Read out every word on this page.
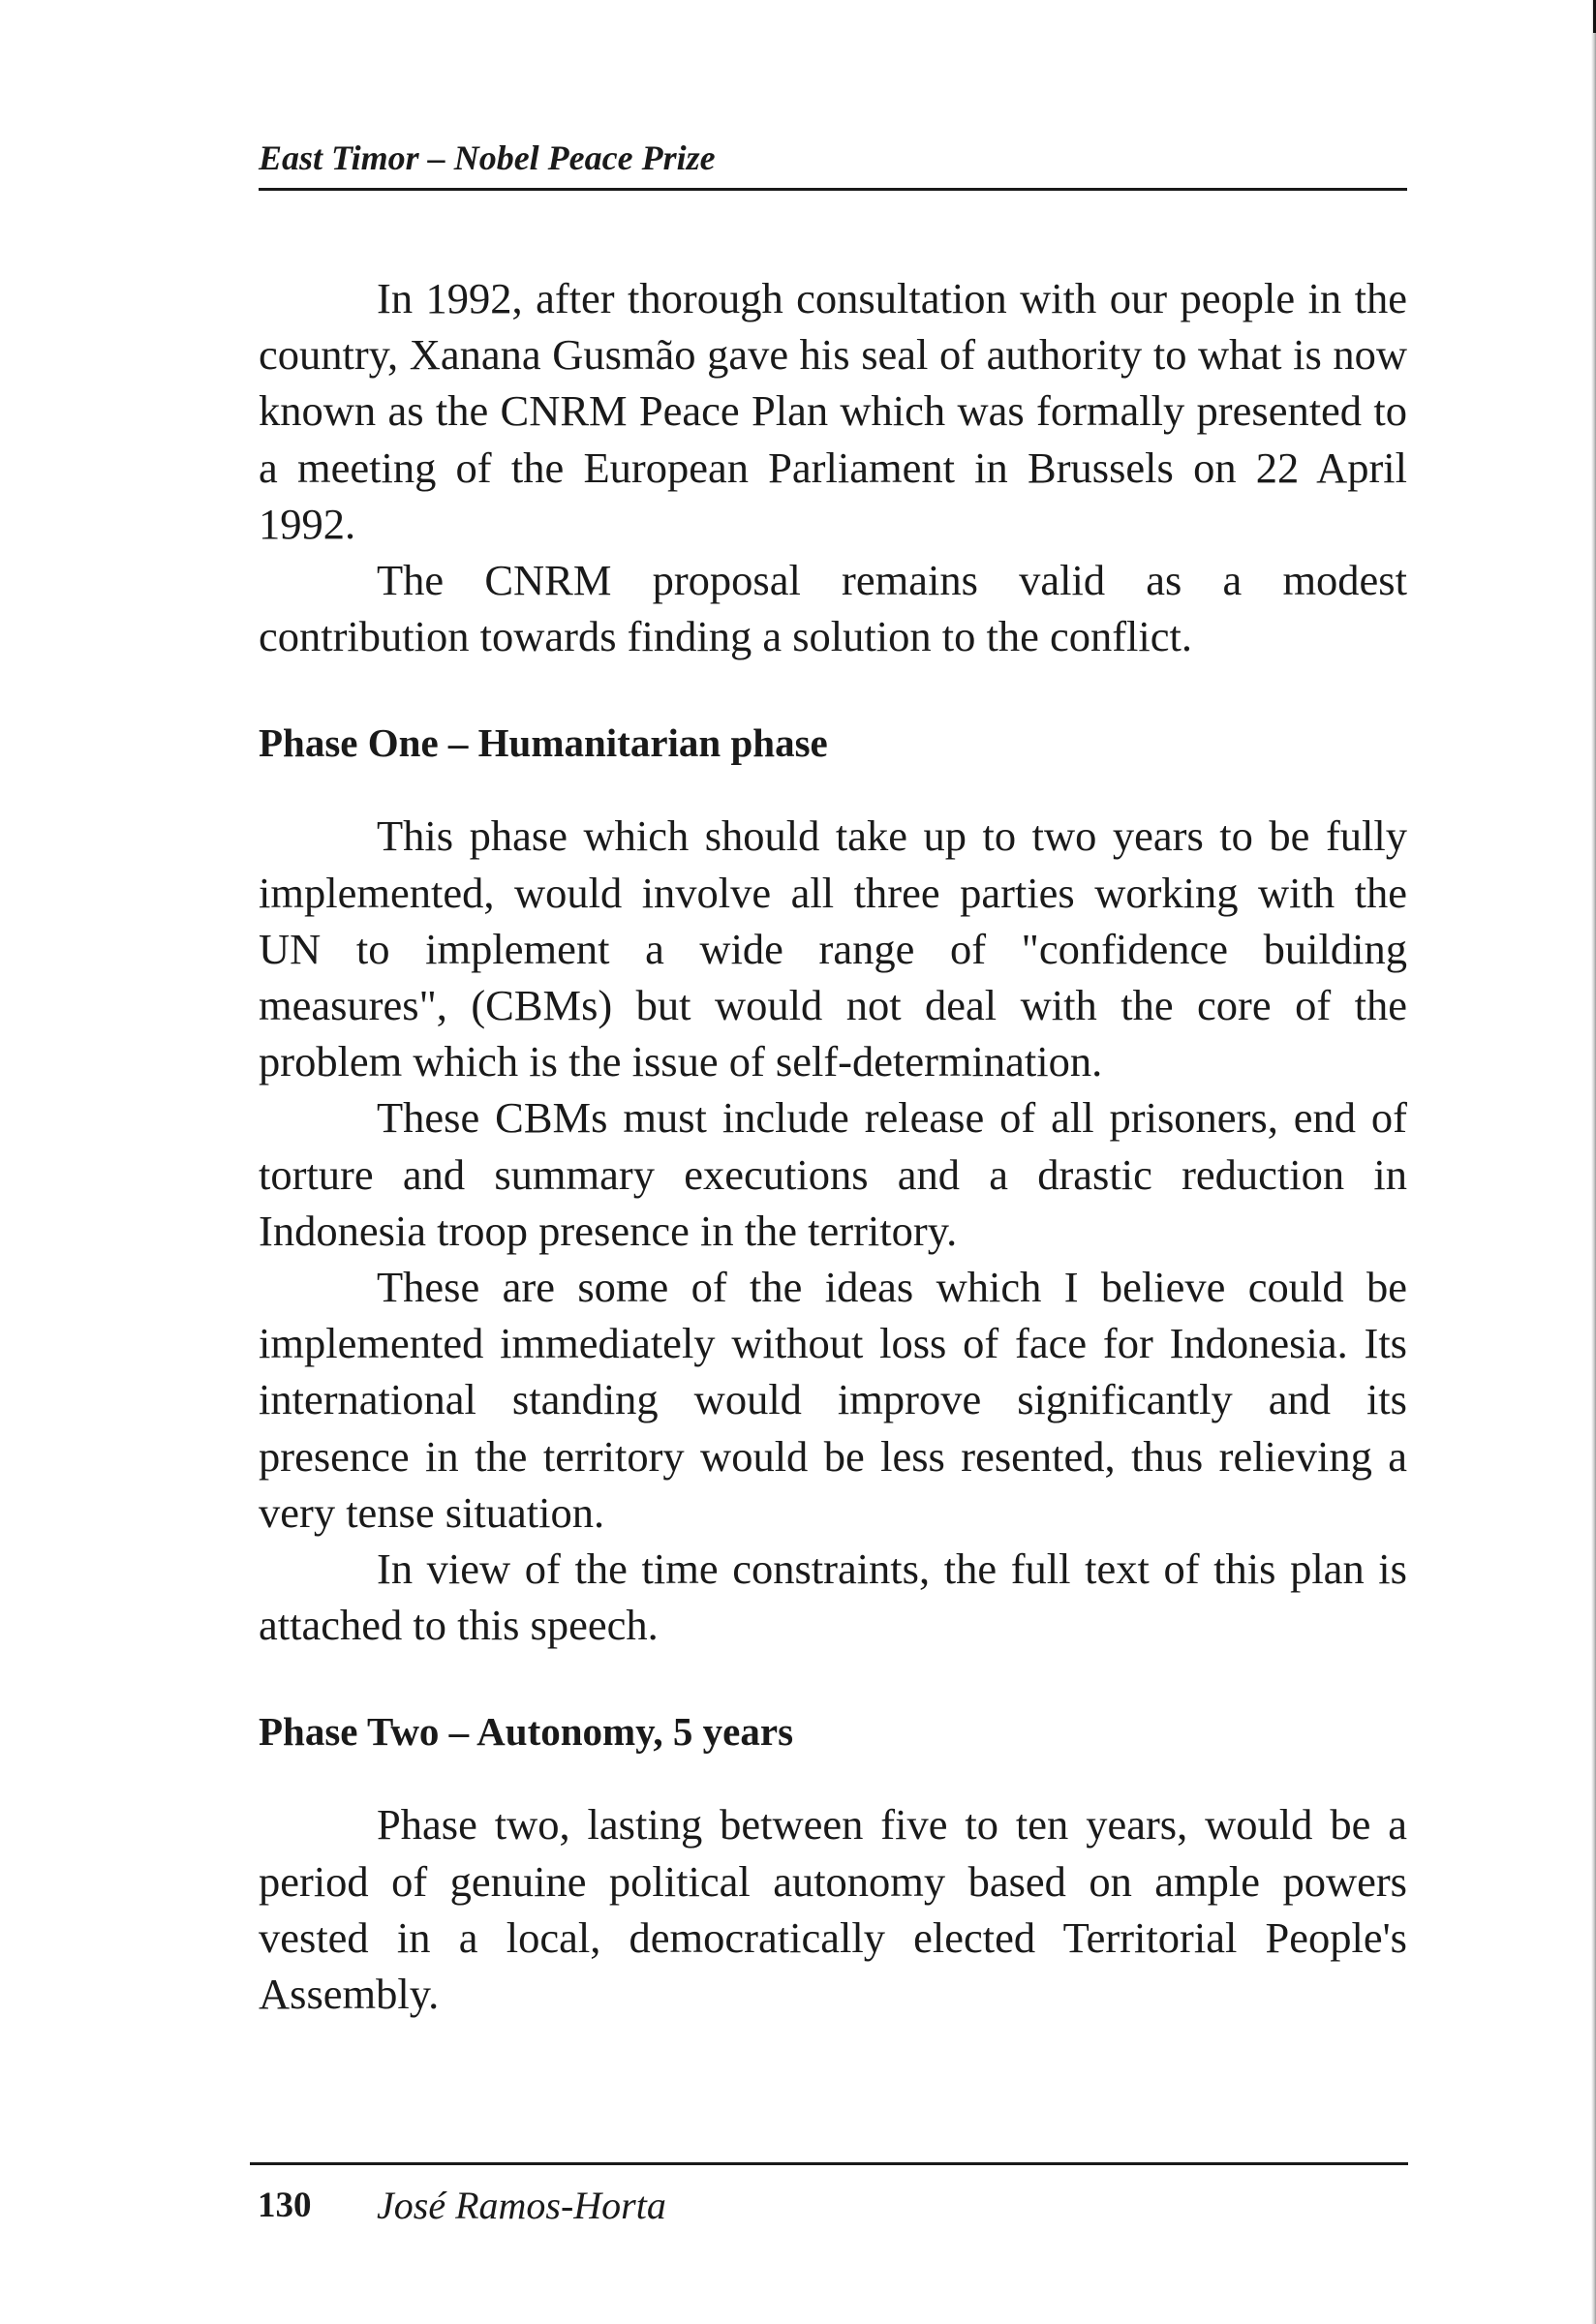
East Timor – Nobel Peace Prize

In 1992, after thorough consultation with our people in the country, Xanana Gusmão gave his seal of authority to what is now known as the CNRM Peace Plan which was formally presented to a meeting of the European Parliament in Brussels on 22 April 1992.

The CNRM proposal remains valid as a modest contribution towards finding a solution to the conflict.

Phase One – Humanitarian phase

This phase which should take up to two years to be fully implemented, would involve all three parties working with the UN to implement a wide range of "confidence building measures", (CBMs) but would not deal with the core of the problem which is the issue of self-determination.

These CBMs must include release of all prisoners, end of torture and summary executions and a drastic reduction in Indonesia troop presence in the territory.

These are some of the ideas which I believe could be implemented immediately without loss of face for Indonesia. Its international standing would improve significantly and its presence in the territory would be less resented, thus relieving a very tense situation.

In view of the time constraints, the full text of this plan is attached to this speech.

Phase Two – Autonomy, 5 years

Phase two, lasting between five to ten years, would be a period of genuine political autonomy based on ample powers vested in a local, democratically elected Territorial People's Assembly.

130 José Ramos-Horta
